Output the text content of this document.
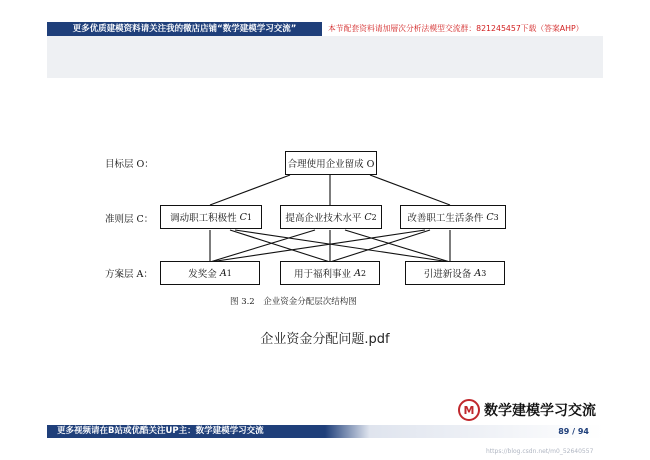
更多优质建模资料请关注我的微店店铺“数学建模学习交流”	本节配套资料请加層次分析法模型交流群：821245457下载（答案AHP）
目标层 O：
准则层 C：
方案层 A：
合理使用企业留成 O
调动职工积极性
C 1	提高企业技术水平
C 2	改善职工生活条件
C 3
发奖金
A 1	用于福利事业
A 2	引进新设备
A 3
图 3.2　企业资金分配层次结构图
企业资金分配问题.pdf
M 数学建模学习交流
更多视频请在B站或优酷关注UP主：数学建模学习交流	89 / 94
https://blog.csdn.net/m0_52640557
